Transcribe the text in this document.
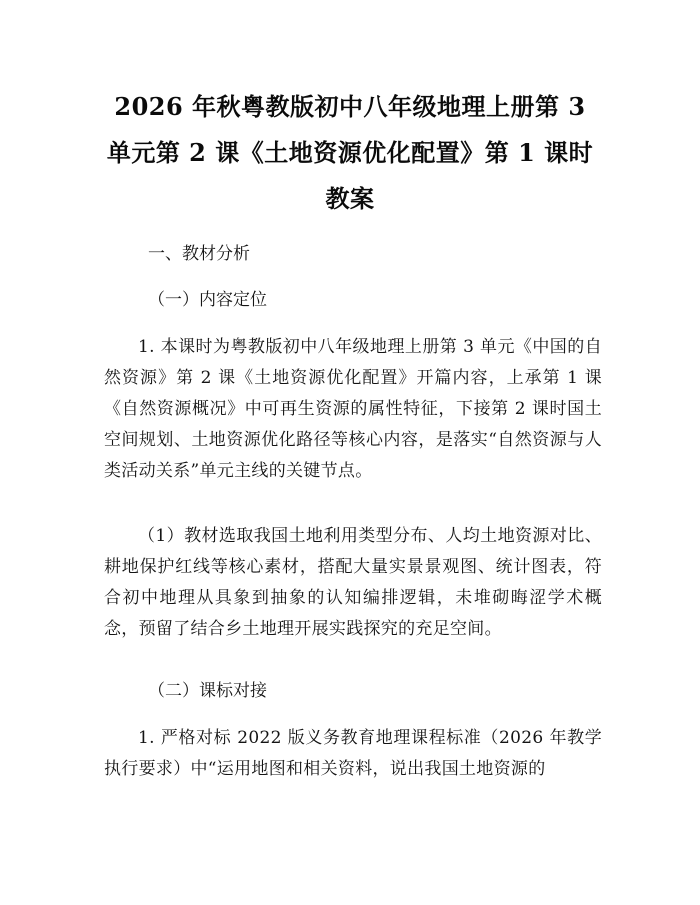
2026 年秋粤教版初中八年级地理上册第 3 单元第 2 课《土地资源优化配置》第 1 课时教案
一、教材分析
（一）内容定位
1. 本课时为粤教版初中八年级地理上册第 3 单元《中国的自然资源》第 2 课《土地资源优化配置》开篇内容，上承第 1 课《自然资源概况》中可再生资源的属性特征，下接第 2 课时国土空间规划、土地资源优化路径等核心内容，是落实“自然资源与人类活动关系”单元主线的关键节点。
（1）教材选取我国土地利用类型分布、人均土地资源对比、耕地保护红线等核心素材，搭配大量实景景观图、统计图表，符合初中地理从具象到抽象的认知编排逻辑，未堆砌晦涩学术概念，预留了结合乡土地理开展实践探究的充足空间。
（二）课标对接
1. 严格对标 2022 版义务教育地理课程标准（2026 年教学执行要求）中“运用地图和相关资料，说出我国土地资源的
